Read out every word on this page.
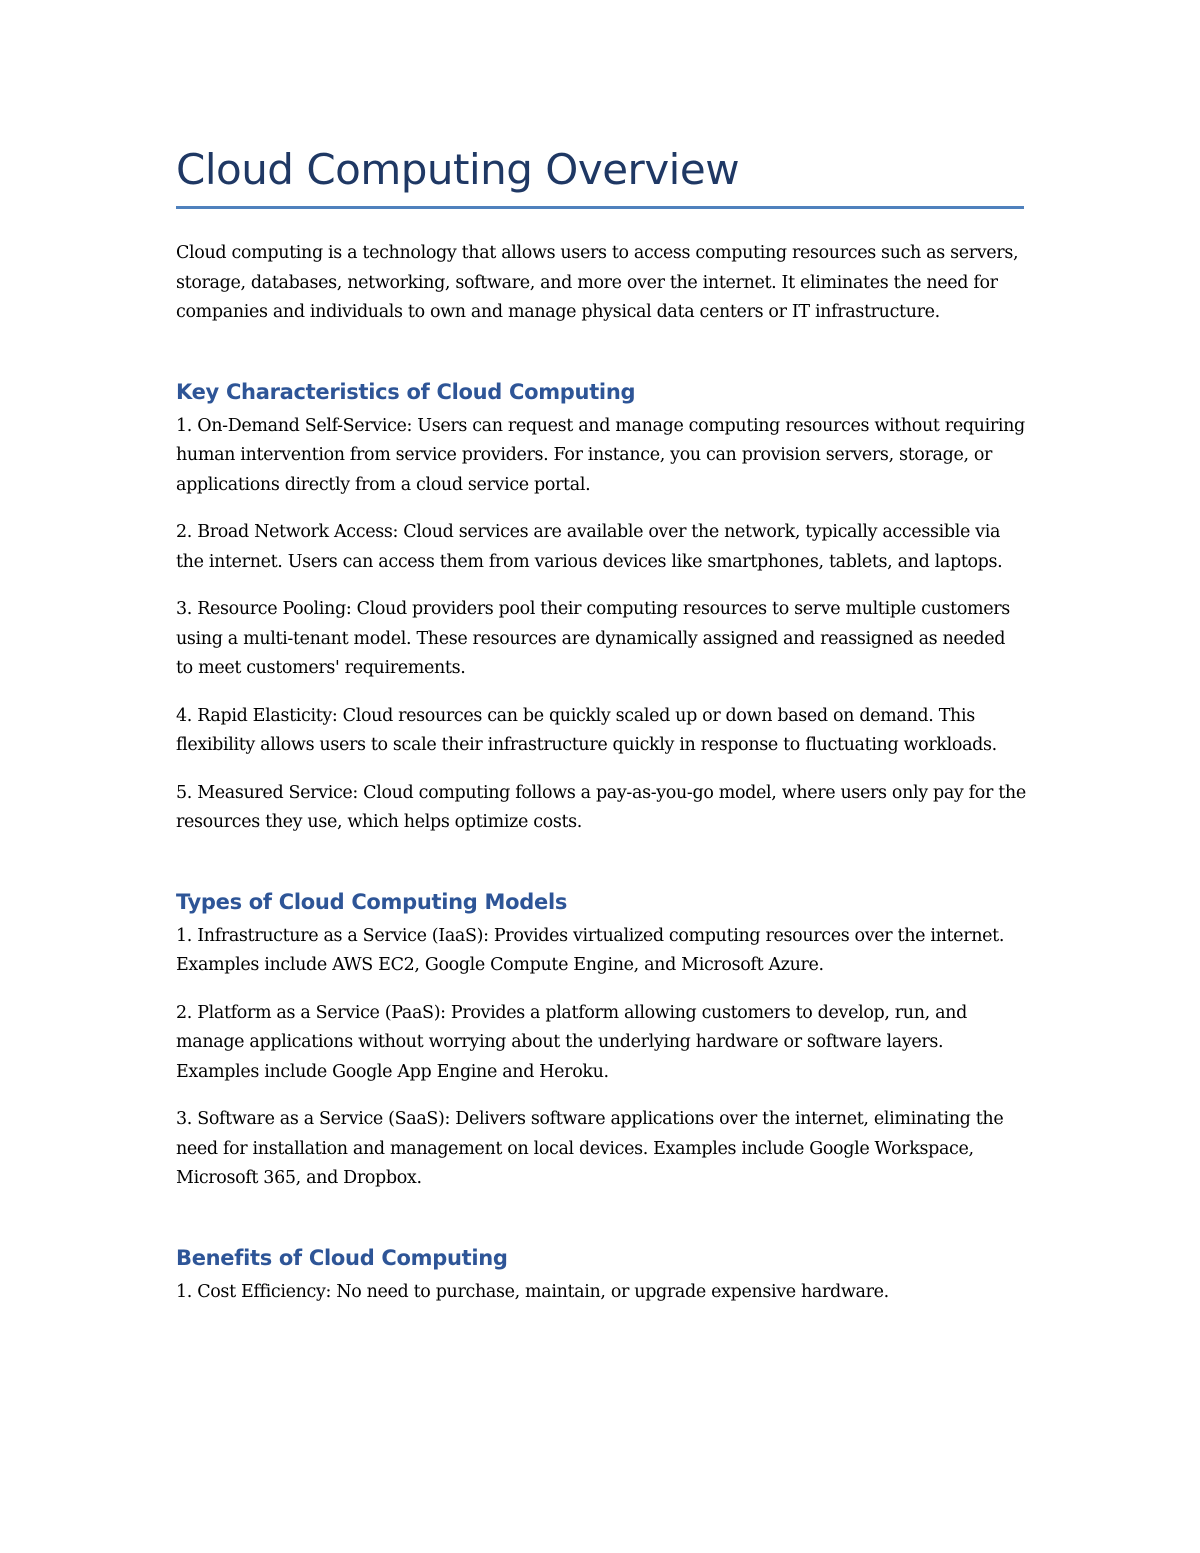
Cloud Computing Overview

Cloud computing is a technology that allows users to access computing resources such as servers, storage, databases, networking, software, and more over the internet. It eliminates the need for companies and individuals to own and manage physical data centers or IT infrastructure.

Key Characteristics of Cloud Computing

1. On-Demand Self-Service: Users can request and manage computing resources without requiring human intervention from service providers. For instance, you can provision servers, storage, or applications directly from a cloud service portal.

2. Broad Network Access: Cloud services are available over the network, typically accessible via the internet. Users can access them from various devices like smartphones, tablets, and laptops.

3. Resource Pooling: Cloud providers pool their computing resources to serve multiple customers using a multi-tenant model. These resources are dynamically assigned and reassigned as needed to meet customers' requirements.

4. Rapid Elasticity: Cloud resources can be quickly scaled up or down based on demand. This flexibility allows users to scale their infrastructure quickly in response to fluctuating workloads.

5. Measured Service: Cloud computing follows a pay-as-you-go model, where users only pay for the resources they use, which helps optimize costs.

Types of Cloud Computing Models

1. Infrastructure as a Service (IaaS): Provides virtualized computing resources over the internet. Examples include AWS EC2, Google Compute Engine, and Microsoft Azure.

2. Platform as a Service (PaaS): Provides a platform allowing customers to develop, run, and manage applications without worrying about the underlying hardware or software layers. Examples include Google App Engine and Heroku.

3. Software as a Service (SaaS): Delivers software applications over the internet, eliminating the need for installation and management on local devices. Examples include Google Workspace, Microsoft 365, and Dropbox.

Benefits of Cloud Computing

1. Cost Efficiency: No need to purchase, maintain, or upgrade expensive hardware.
